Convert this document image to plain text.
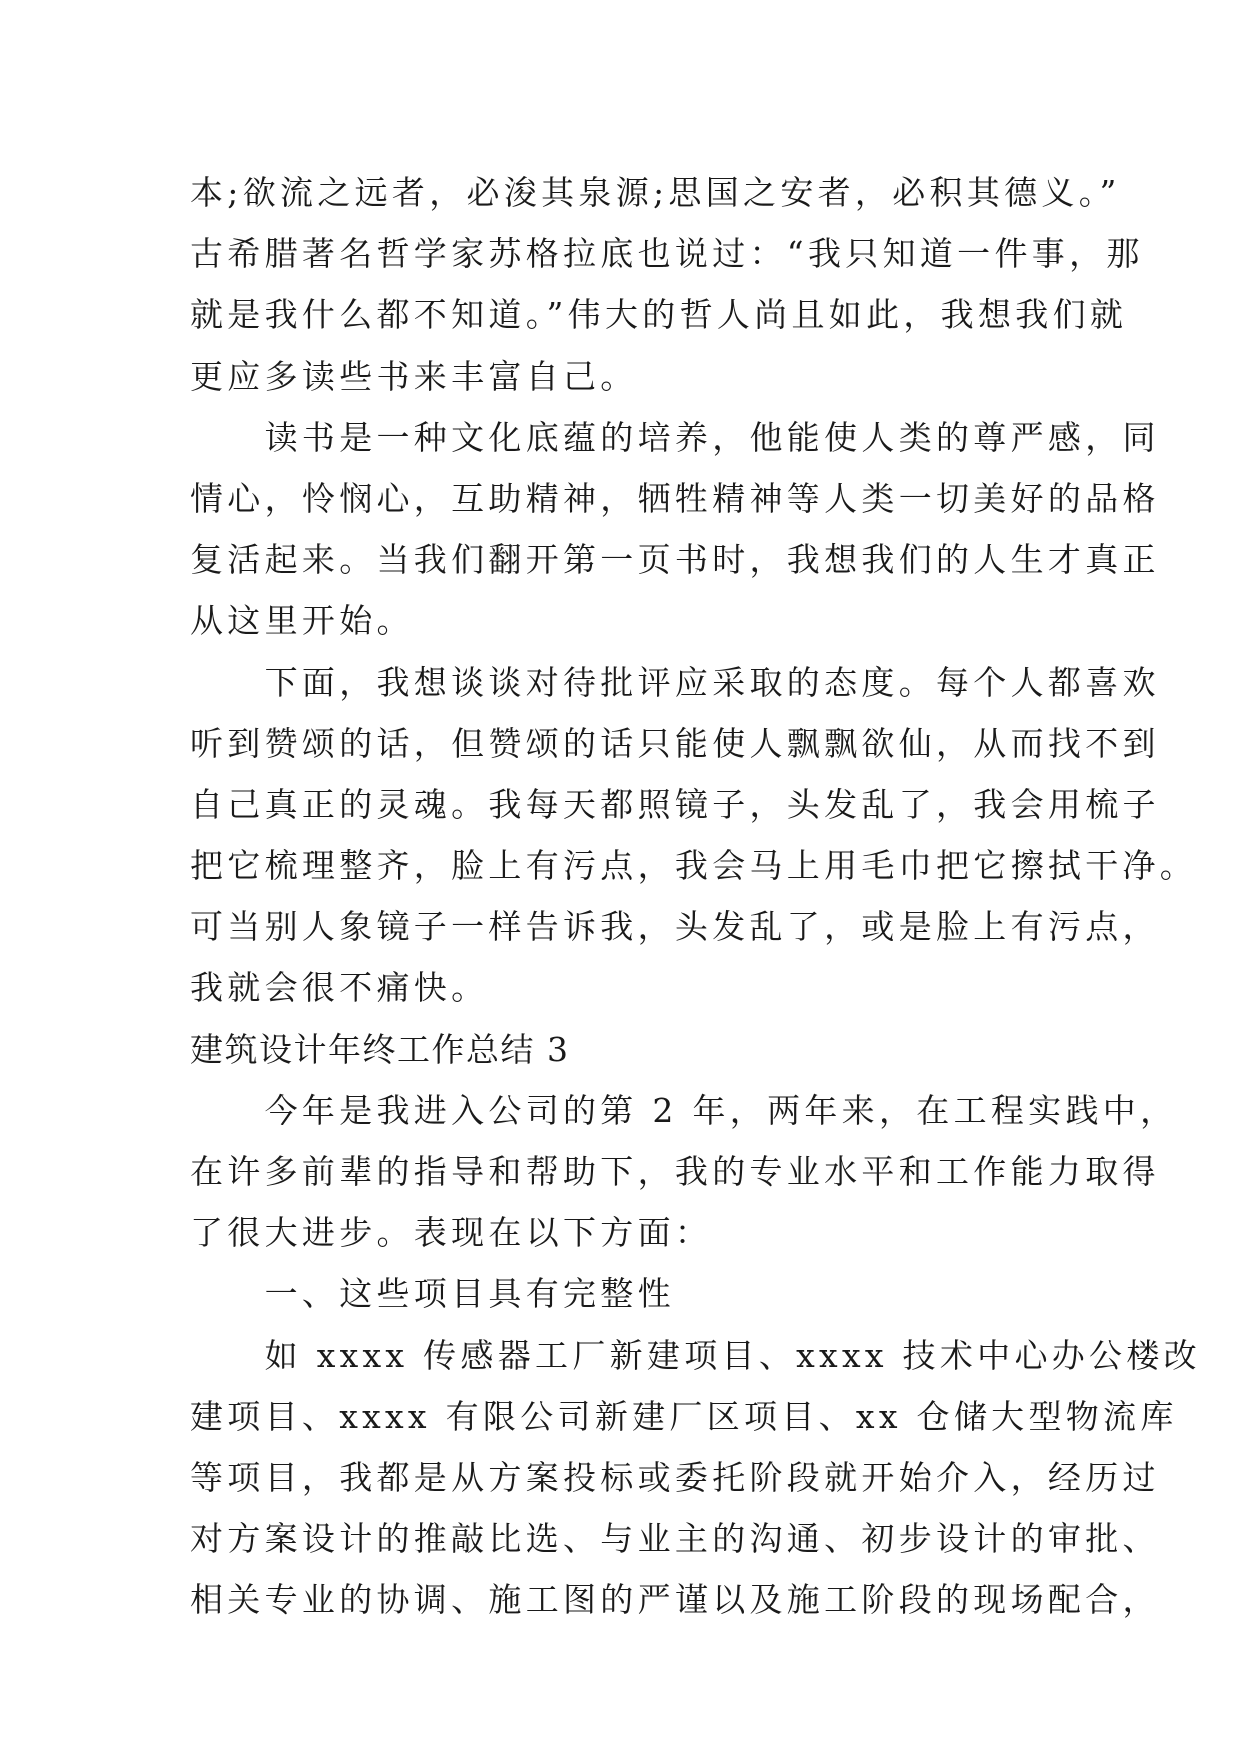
本;欲流之远者，必浚其泉源;思国之安者，必积其德义。”
古希腊著名哲学家苏格拉底也说过：“我只知道一件事，那
就是我什么都不知道。”伟大的哲人尚且如此，我想我们就
更应多读些书来丰富自己。
　　读书是一种文化底蕴的培养，他能使人类的尊严感，同
情心，怜悯心，互助精神，牺牲精神等人类一切美好的品格
复活起来。当我们翻开第一页书时，我想我们的人生才真正
从这里开始。
　　下面，我想谈谈对待批评应采取的态度。每个人都喜欢
听到赞颂的话，但赞颂的话只能使人飘飘欲仙，从而找不到
自己真正的灵魂。我每天都照镜子，头发乱了，我会用梳子
把它梳理整齐，脸上有污点，我会马上用毛巾把它擦拭干净。
可当别人象镜子一样告诉我，头发乱了，或是脸上有污点，
我就会很不痛快。
建筑设计年终工作总结 3
　　今年是我进入公司的第 2 年，两年来，在工程实践中，
在许多前辈的指导和帮助下，我的专业水平和工作能力取得
了很大进步。表现在以下方面：
　　一、这些项目具有完整性
　　如 xxxx 传感器工厂新建项目、xxxx 技术中心办公楼改
建项目、xxxx 有限公司新建厂区项目、xx 仓储大型物流库
等项目，我都是从方案投标或委托阶段就开始介入，经历过
对方案设计的推敲比选、与业主的沟通、初步设计的审批、
相关专业的协调、施工图的严谨以及施工阶段的现场配合，
